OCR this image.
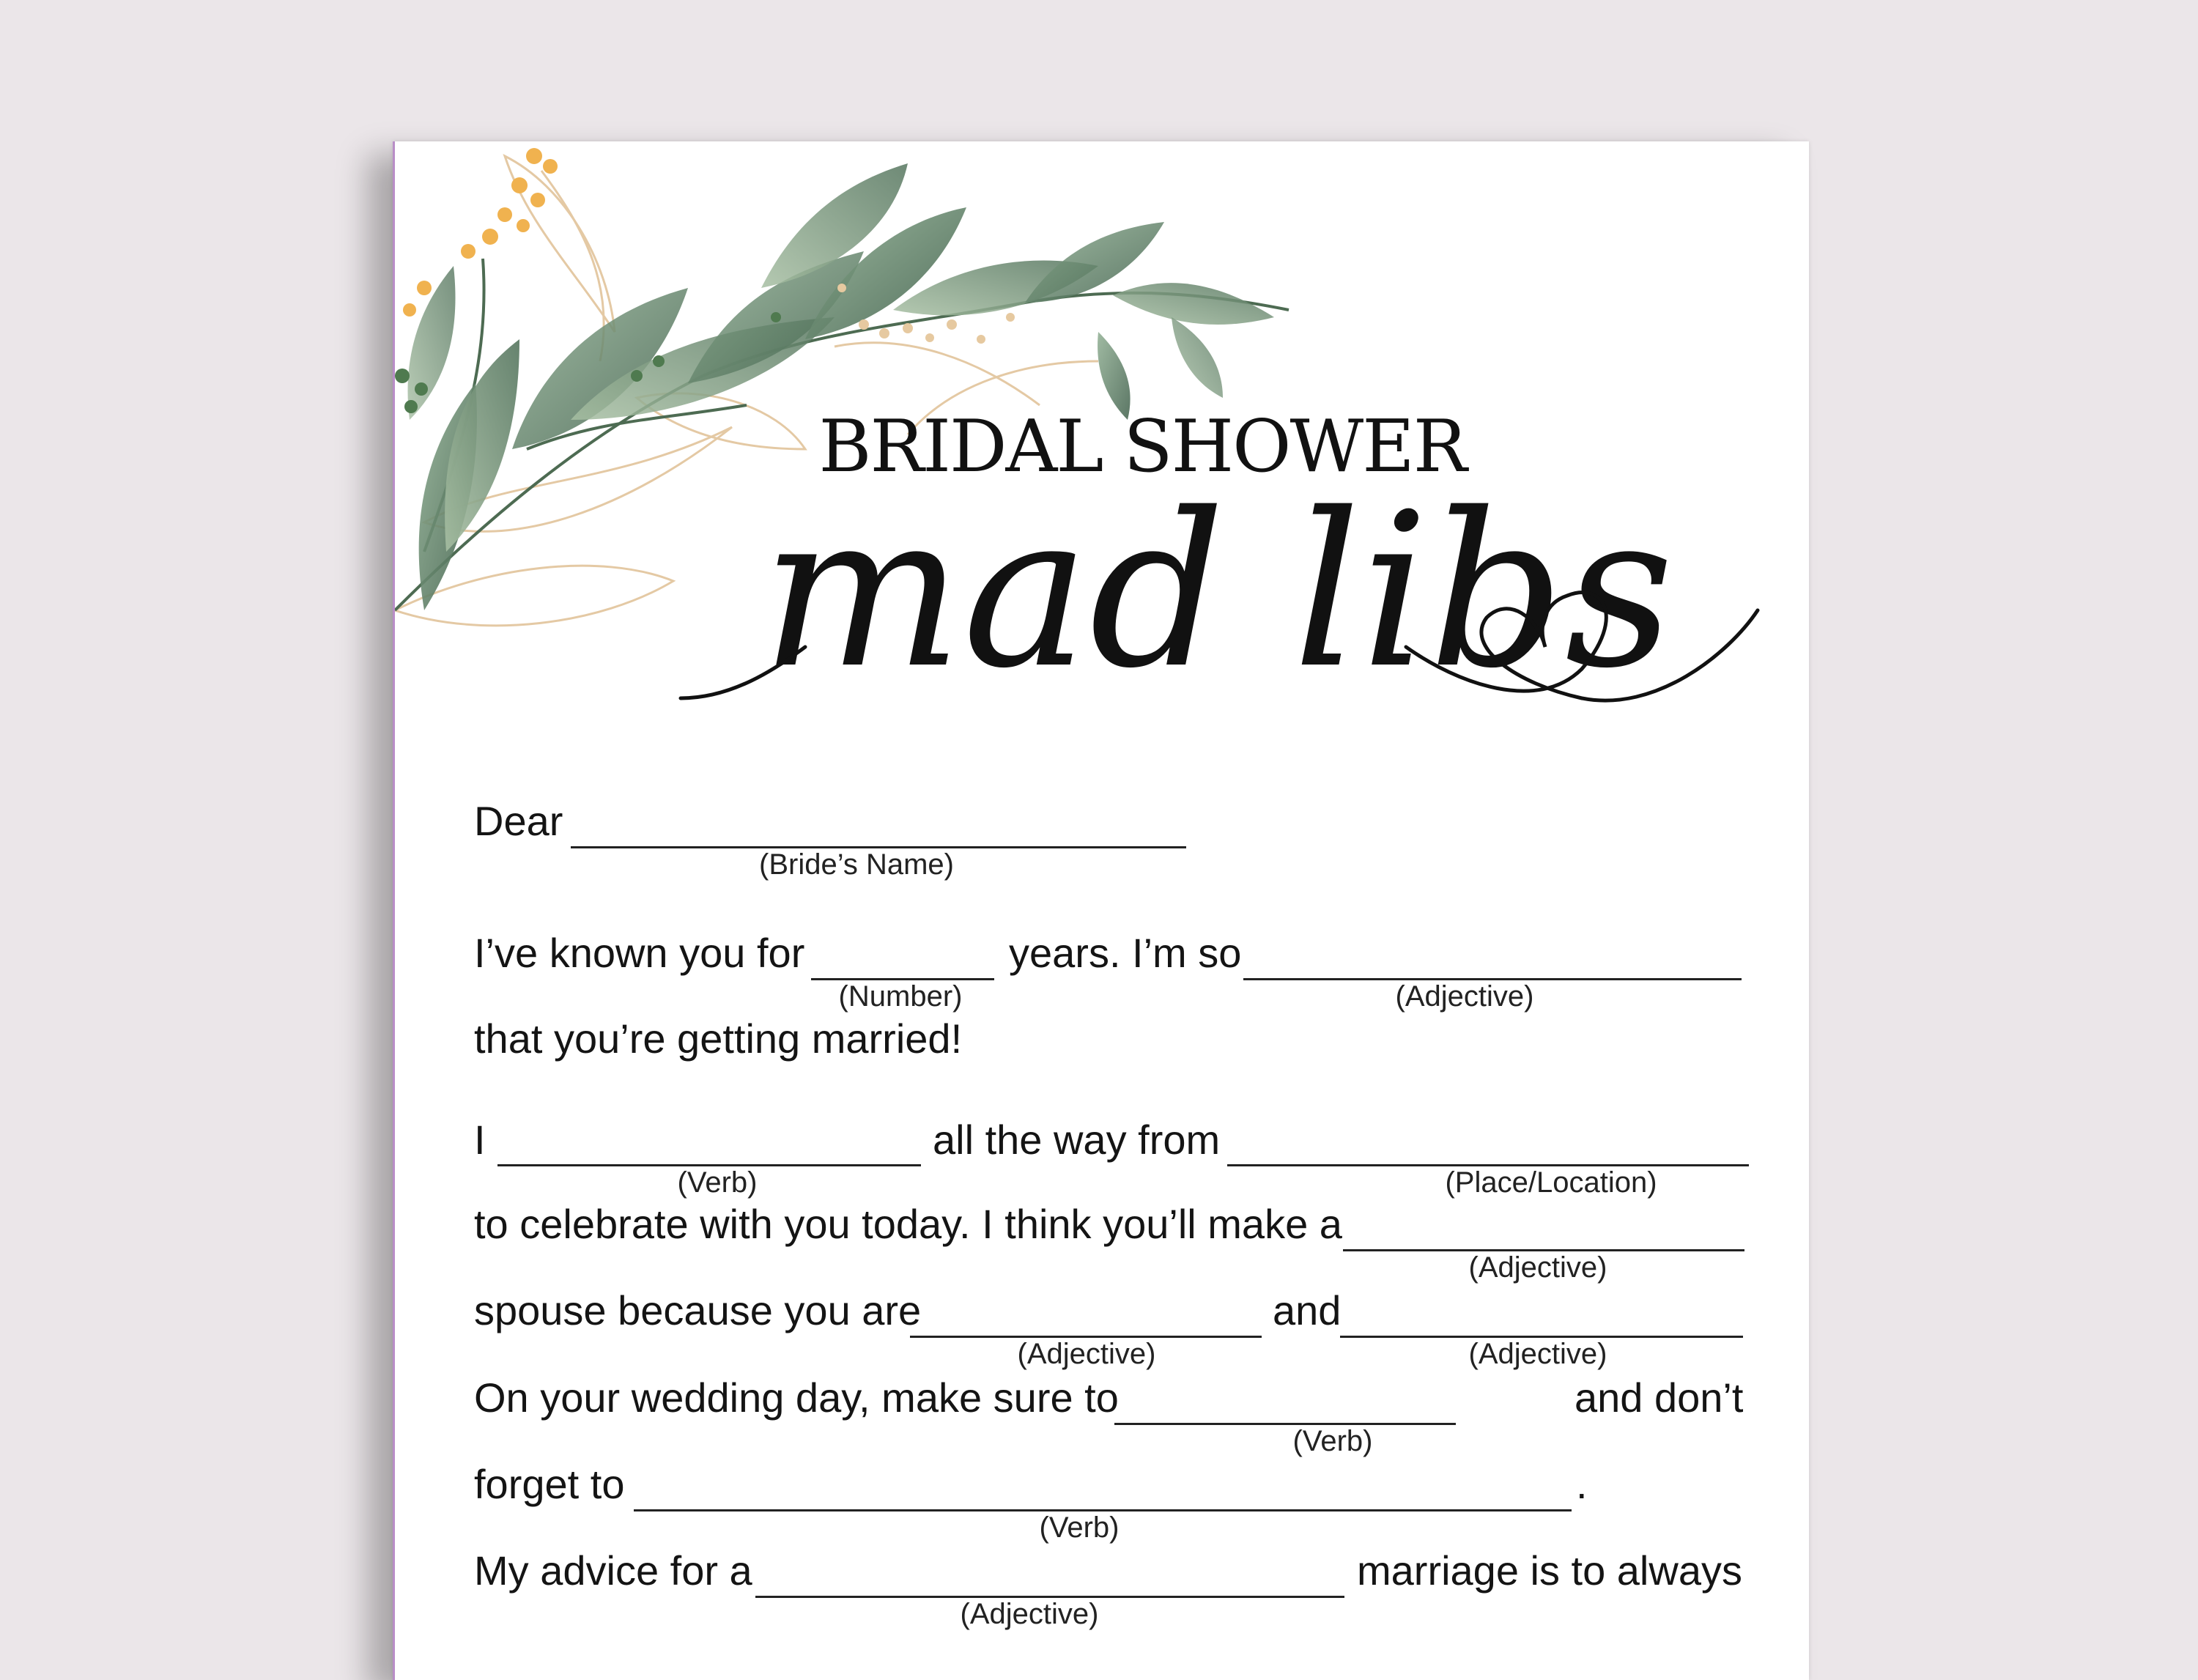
BRIDAL SHOWER
mad libs
Dear
(Bride’s Name)
I’ve known you for
(Number)
years. I’m so
(Adjective)
that you’re getting married!
I
(Verb)
all the way from
(Place/Location)
to celebrate with you today. I think you’ll make a
(Adjective)
spouse because you are
(Adjective)
and
(Adjective)
On your wedding day, make sure to
(Verb)
and don’t
forget to	.
(Verb)
My advice for a
(Adjective)
marriage is to always
